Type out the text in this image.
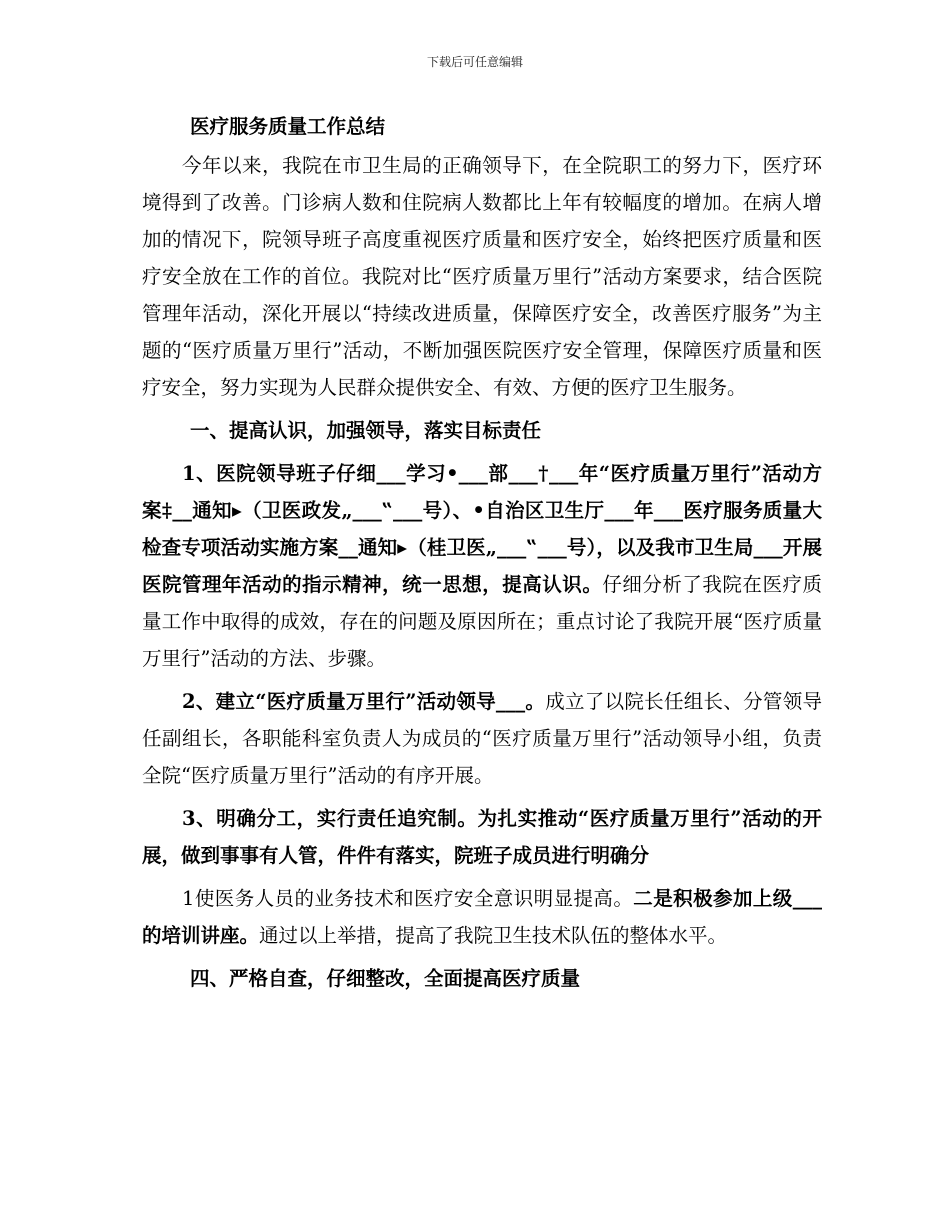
下载后可任意编辑

医疗服务质量工作总结

今年以来，我院在市卫生局的正确领导下，在全院职工的努力下，医疗环境得到了改善。门诊病人数和住院病人数都比上年有较幅度的增加。在病人增加的情况下，院领导班子高度重视医疗质量和医疗安全，始终把医疗质量和医疗安全放在工作的首位。我院对比“医疗质量万里行”活动方案要求，结合医院管理年活动，深化开展以“持续改进质量，保障医疗安全，改善医疗服务”为主题的“医疗质量万里行”活动，不断加强医院医疗安全管理，保障医疗质量和医疗安全，努力实现为人民群众提供安全、有效、方便的医疗卫生服务。

一、提高认识，加强领导，落实目标责任

1、医院领导班子仔细___学习•___部___†___年“医疗质量万里行”活动方案‡__通知▸（卫医政发„___‟___号）、•自治区卫生厅___年___医疗服务质量大检查专项活动实施方案__通知▸（桂卫医„___‟___号），以及我市卫生局___开展医院管理年活动的指示精神，统一思想，提高认识。仔细分析了我院在医疗质量工作中取得的成效，存在的问题及原因所在；重点讨论了我院开展“医疗质量万里行”活动的方法、步骤。

2、建立“医疗质量万里行”活动领导___。成立了以院长任组长、分管领导任副组长，各职能科室负责人为成员的“医疗质量万里行”活动领导小组，负责全院“医疗质量万里行”活动的有序开展。

3、明确分工，实行责任追究制。为扎实推动“医疗质量万里行”活动的开展，做到事事有人管，件件有落实，院班子成员进行明确分

1使医务人员的业务技术和医疗安全意识明显提高。二是积极参加上级___的培训讲座。通过以上举措，提高了我院卫生技术队伍的整体水平。

四、严格自查，仔细整改，全面提高医疗质量
